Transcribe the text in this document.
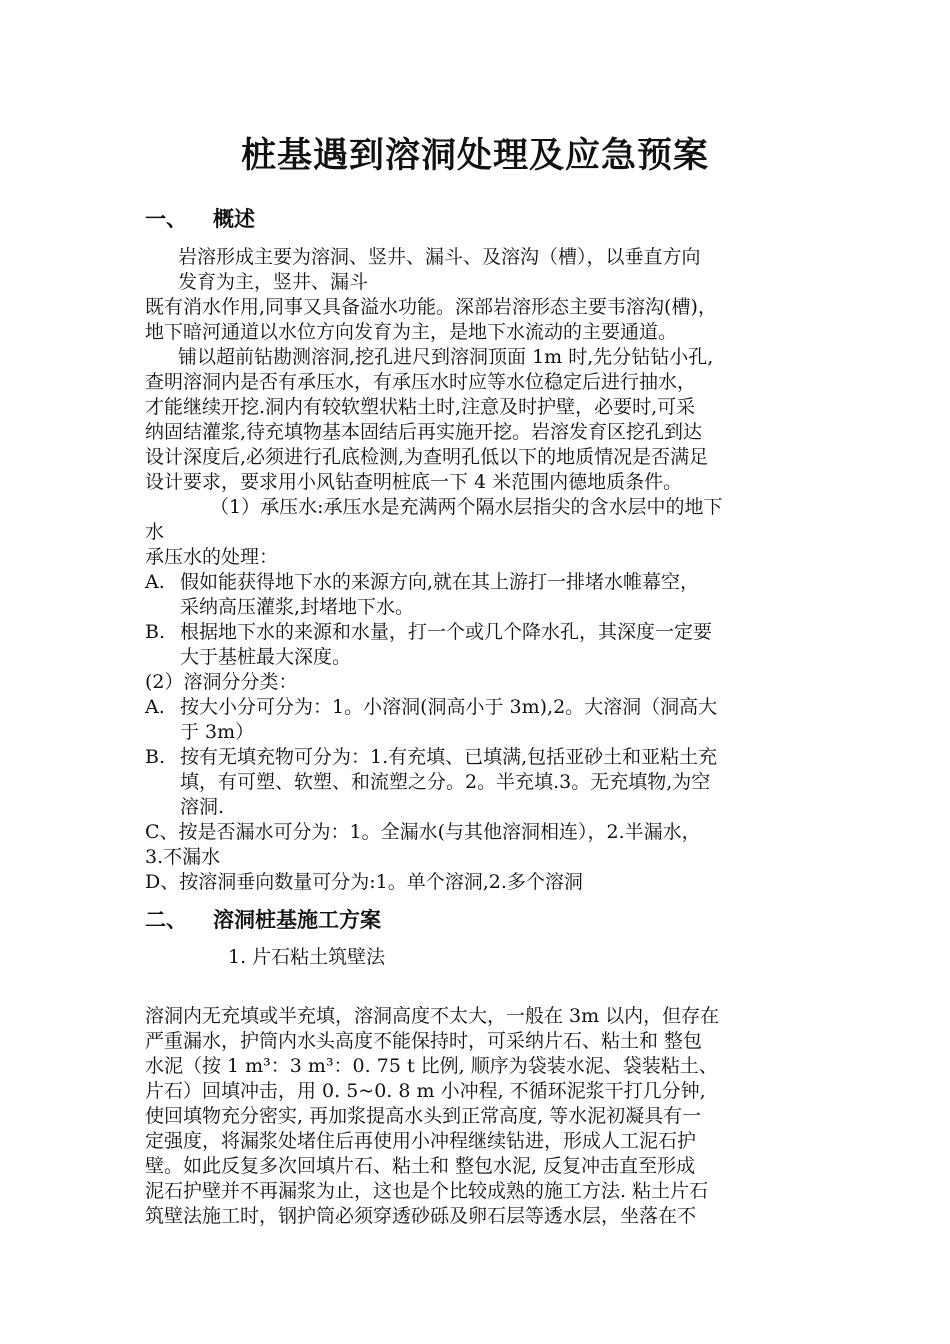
桩基遇到溶洞处理及应急预案
一、 概述
岩溶形成主要为溶洞、竖井、漏斗、及溶沟（槽），以垂直方向
发育为主，竖井、漏斗
既有消水作用,同事又具备溢水功能。深部岩溶形态主要韦溶沟(槽)，
地下暗河通道以水位方向发育为主，是地下水流动的主要通道。
铺以超前钻勘测溶洞,挖孔进尺到溶洞顶面 1m 时,先分钻钻小孔,
查明溶洞内是否有承压水，有承压水时应等水位稳定后进行抽水，
才能继续开挖.洞内有较软塑状粘土时,注意及时护壁，必要时,可采
纳固结灌浆,待充填物基本固结后再实施开挖。岩溶发育区挖孔到达
设计深度后,必须进行孔底检测,为查明孔低以下的地质情况是否满足
设计要求，要求用小风钻查明桩底一下 4 米范围内德地质条件。
（1）承压水:承压水是充满两个隔水层指尖的含水层中的地下
水
承压水的处理：
A. 假如能获得地下水的来源方向,就在其上游打一排堵水帷幕空，
采纳高压灌浆,封堵地下水。
B. 根据地下水的来源和水量，打一个或几个降水孔，其深度一定要
大于基桩最大深度。
(2）溶洞分分类：
A. 按大小分可分为：1。小溶洞(洞高小于 3m),2。大溶洞（洞高大
于 3m）
B. 按有无填充物可分为：1.有充填、已填满,包括亚砂土和亚粘土充
填，有可塑、软塑、和流塑之分。2。半充填.3。无充填物,为空
溶洞.
C、按是否漏水可分为：1。全漏水(与其他溶洞相连），2.半漏水，
3.不漏水
D、按溶洞垂向数量可分为:1。单个溶洞,2.多个溶洞
二、 溶洞桩基施工方案
1. 片石粘土筑壁法
溶洞内无充填或半充填，溶洞高度不太大，一般在 3m 以内，但存在
严重漏水，护筒内水头高度不能保持时，可采纳片石、粘土和 整包
水泥（按 1 m³：3 m³：0. 75 t 比例, 顺序为袋装水泥、袋装粘土、
片石）回填冲击，用 0. 5~0. 8 m 小冲程, 不循环泥浆干打几分钟,
使回填物充分密实, 再加浆提高水头到正常高度, 等水泥初凝具有一
定强度，将漏浆处堵住后再使用小冲程继续钻进，形成人工泥石护
壁。如此反复多次回填片石、粘土和 整包水泥, 反复冲击直至形成
泥石护壁并不再漏浆为止，这也是个比较成熟的施工方法. 粘土片石
筑壁法施工时，钢护筒必须穿透砂砾及卵石层等透水层，坐落在不
